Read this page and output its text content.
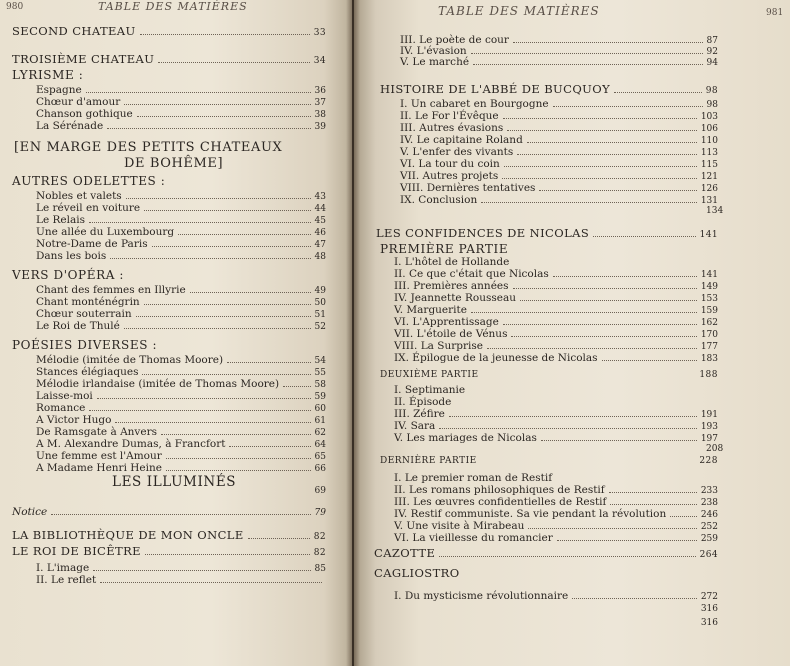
980	TABLE DES MATIÈRES
SECOND CHATEAU	33
TROISIÈME CHATEAU	34
LYRISME :
Espagne	36
Chœur d'amour	37
Chanson gothique	38
La Sérénade	39
[EN MARGE DES PETITS CHATEAUX
DE BOHÊME]
AUTRES ODELETTES :
Nobles et valets	43
Le réveil en voiture	44
Le Relais	45
Une allée du Luxembourg	46
Notre-Dame de Paris	47
Dans les bois	48
VERS D'OPÉRA :
Chant des femmes en Illyrie	49
Chant monténégrin	50
Chœur souterrain	51
Le Roi de Thulé	52
POÉSIES DIVERSES :
Mélodie (imitée de Thomas Moore)	54
Stances élégiaques	55
Mélodie irlandaise (imitée de Thomas Moore)	58
Laisse-moi	59
Romance	60
A Victor Hugo	61
De Ramsgate à Anvers	62
A M. Alexandre Dumas, à Francfort	64
Une femme est l'Amour	65
A Madame Henri Heine	66
LES ILLUMINÉS
69
Notice	79
LA BIBLIOTHÈQUE DE MON ONCLE	82
LE ROI DE BICÊTRE	82
I. L'image	85
II. Le reflet
TABLE DES MATIÈRES	981
III. Le poète de cour	87
IV. L'évasion	92
V. Le marché	94
HISTOIRE DE L'ABBÉ DE BUCQUOY	98
I. Un cabaret en Bourgogne	98
II. Le For l'Évêque	103
III. Autres évasions	106
IV. Le capitaine Roland	110
V. L'enfer des vivants	113
VI. La tour du coin	115
VII. Autres projets	121
VIII. Dernières tentatives	126
IX. Conclusion	131
134
LES CONFIDENCES DE NICOLAS	141
PREMIÈRE PARTIE
I. L'hôtel de Hollande
II. Ce que c'était que Nicolas	141
III. Premières années	149
IV. Jeannette Rousseau	153
V. Marguerite	159
VI. L'Apprentissage	162
VII. L'étoile de Vénus	170
VIII. La Surprise	177
IX. Épilogue de la jeunesse de Nicolas	183
DEUXIÈME PARTIE	188
I. Septimanie
II. Épisode
III. Zéfire	191
IV. Sara	193
V. Les mariages de Nicolas	197
208
DERNIÈRE PARTIE	228
I. Le premier roman de Restif
II. Les romans philosophiques de Restif	233
III. Les œuvres confidentielles de Restif	238
IV. Restif communiste. Sa vie pendant la révolution	246
V. Une visite à Mirabeau	252
VI. La vieillesse du romancier	259
CAZOTTE	264
CAGLIOSTRO
I. Du mysticisme révolutionnaire	272
316
316
